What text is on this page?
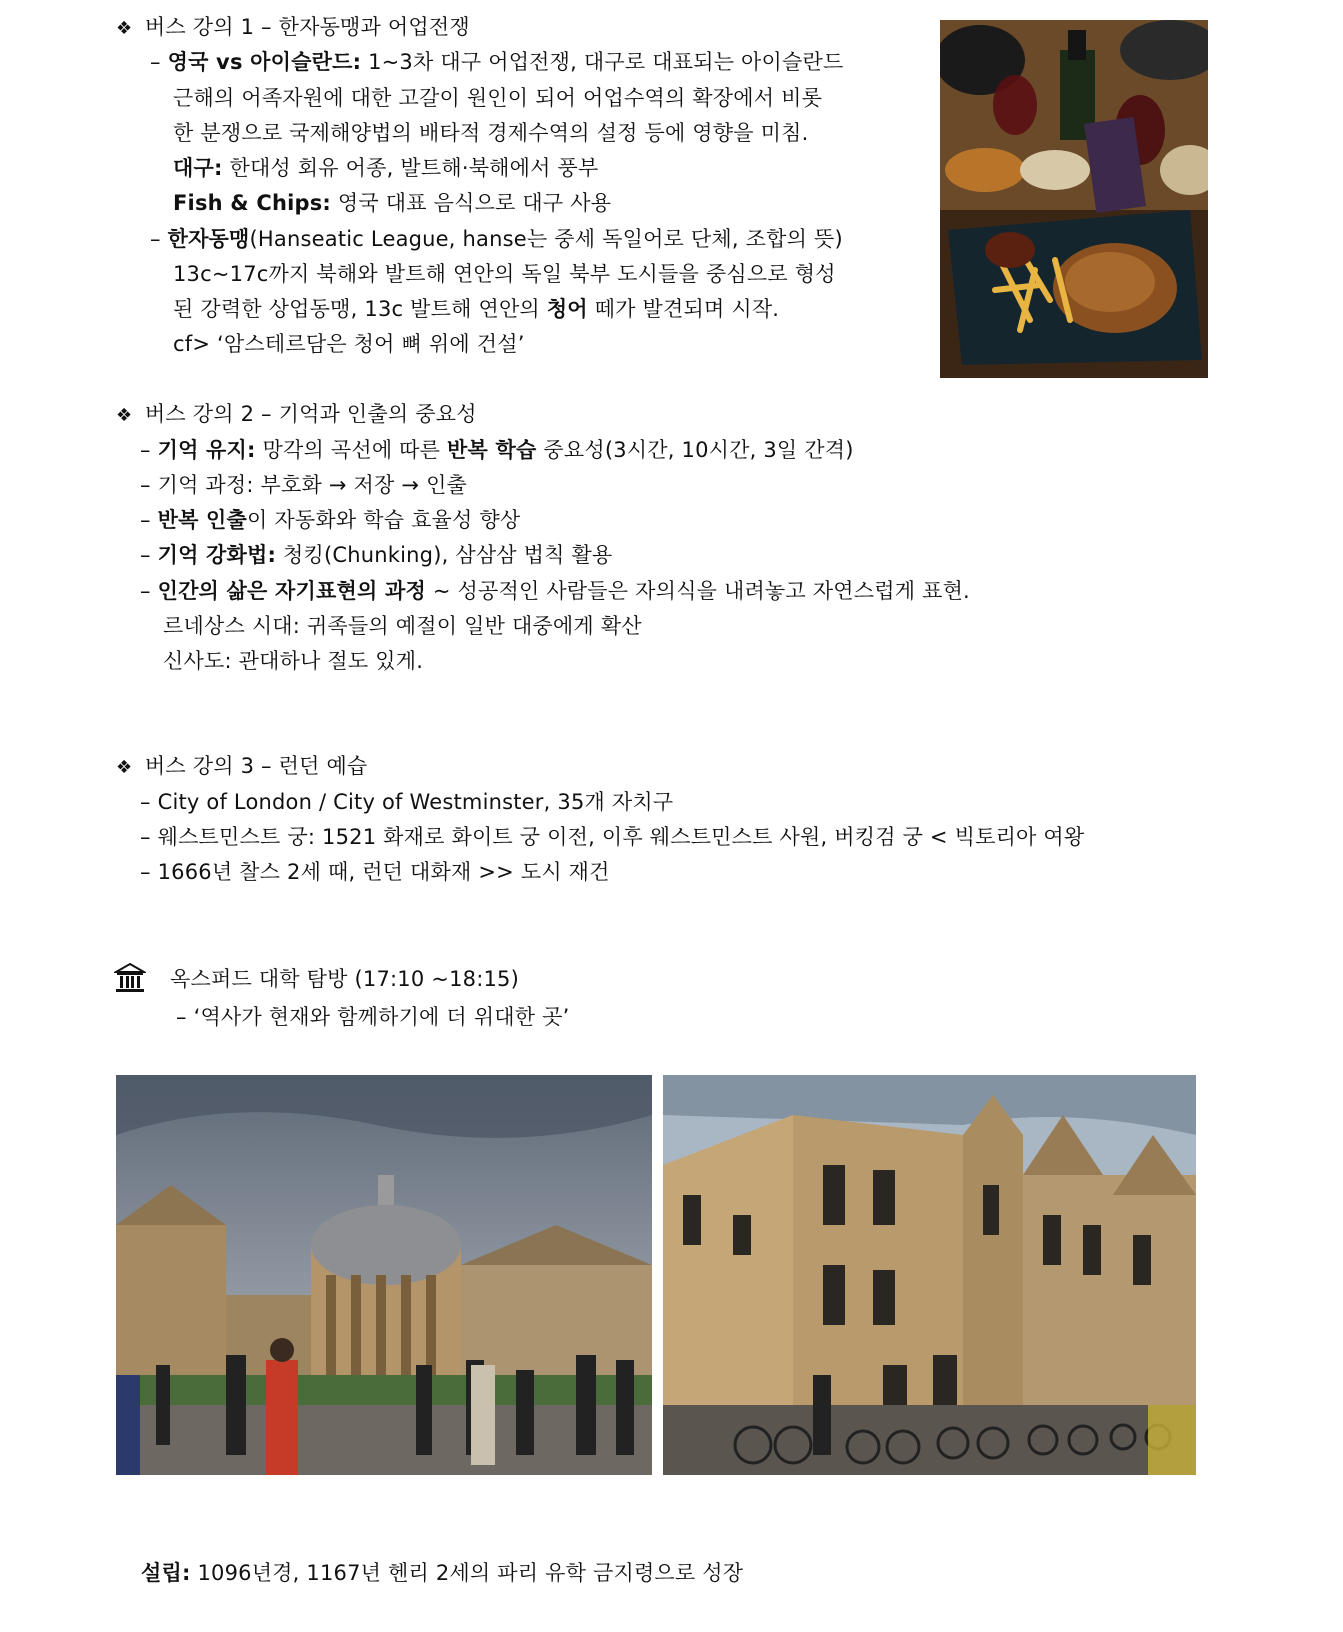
❖ 버스 강의 1 – 한자동맹과 어업전쟁
– 영국 vs 아이슬란드: 1~3차 대구 어업전쟁, 대구로 대표되는 아이슬란드
근해의 어족자원에 대한 고갈이 원인이 되어 어업수역의 확장에서 비롯
한 분쟁으로 국제해양법의 배타적 경제수역의 설정 등에 영향을 미침.
대구: 한대성 회유 어종, 발트해·북해에서 풍부
Fish & Chips: 영국 대표 음식으로 대구 사용
– 한자동맹(Hanseatic League, hanse는 중세 독일어로 단체, 조합의 뜻)
13c~17c까지 북해와 발트해 연안의 독일 북부 도시들을 중심으로 형성
된 강력한 상업동맹, 13c 발트해 연안의 청어 떼가 발견되며 시작.
cf> ‘암스테르담은 청어 뼈 위에 건설’
❖ 버스 강의 2 – 기억과 인출의 중요성
– 기억 유지: 망각의 곡선에 따른 반복 학습 중요성(3시간, 10시간, 3일 간격)
– 기억 과정: 부호화 → 저장 → 인출
– 반복 인출이 자동화와 학습 효율성 향상
– 기억 강화법: 청킹(Chunking), 삼삼삼 법칙 활용
– 인간의 삶은 자기표현의 과정 ~ 성공적인 사람들은 자의식을 내려놓고 자연스럽게 표현.
르네상스 시대: 귀족들의 예절이 일반 대중에게 확산
신사도: 관대하나 절도 있게.
❖ 버스 강의 3 – 런던 예습
– City of London / City of Westminster, 35개 자치구
– 웨스트민스트 궁: 1521 화재로 화이트 궁 이전, 이후 웨스트민스트 사원, 버킹검 궁 < 빅토리아 여왕
– 1666년 찰스 2세 때, 런던 대화재 >> 도시 재건
옥스퍼드 대학 탐방 (17:10 ~18:15)
– ‘역사가 현재와 함께하기에 더 위대한 곳’
설립: 1096년경, 1167년 헨리 2세의 파리 유학 금지령으로 성장
